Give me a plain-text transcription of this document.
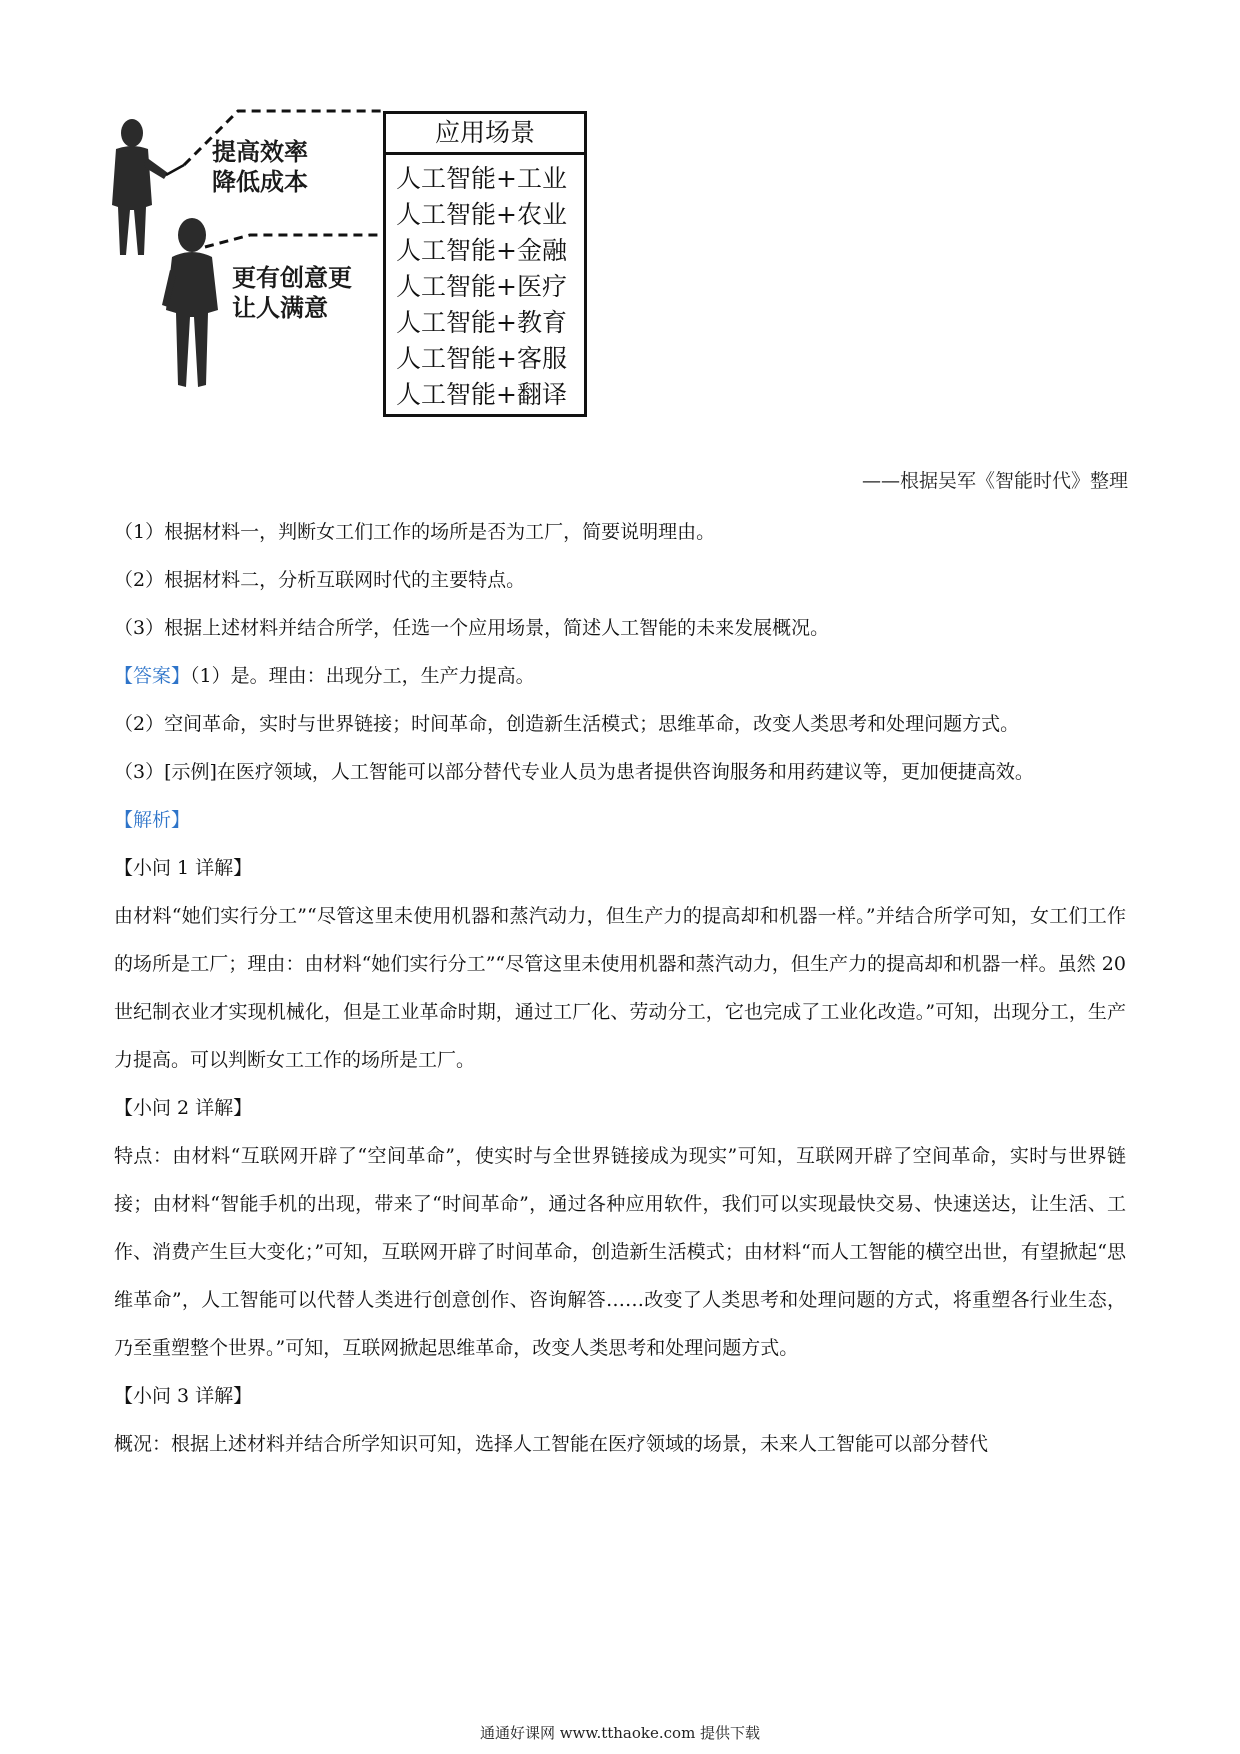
提高效率
降低成本
更有创意更
让人满意
应用场景
人工智能+工业
人工智能+农业
人工智能+金融
人工智能+医疗
人工智能+教育
人工智能+客服
人工智能+翻译
——根据吴军《智能时代》整理

（1）根据材料一，判断女工们工作的场所是否为工厂，简要说明理由。

（2）根据材料二，分析互联网时代的主要特点。

（3）根据上述材料并结合所学，任选一个应用场景，简述人工智能的未来发展概况。

【答案】（1）是。理由：出现分工，生产力提高。

（2）空间革命，实时与世界链接；时间革命，创造新生活模式；思维革命，改变人类思考和处理问题方式。

（3）[示例]在医疗领域，人工智能可以部分替代专业人员为患者提供咨询服务和用药建议等，更加便捷高效。

【解析】

【小问 1 详解】

由材料“她们实行分工”“尽管这里未使用机器和蒸汽动力，但生产力的提高却和机器一样。”并结合所学可知，女工们工作的场所是工厂；理由：由材料“她们实行分工”“尽管这里未使用机器和蒸汽动力，但生产力的提高却和机器一样。虽然 20 世纪制衣业才实现机械化，但是工业革命时期，通过工厂化、劳动分工，它也完成了工业化改造。”可知，出现分工，生产力提高。可以判断女工工作的场所是工厂。

【小问 2 详解】

特点：由材料“互联网开辟了“空间革命”，使实时与全世界链接成为现实”可知，互联网开辟了空间革命，实时与世界链接；由材料“智能手机的出现，带来了“时间革命”，通过各种应用软件，我们可以实现最快交易、快速送达，让生活、工作、消费产生巨大变化；”可知，互联网开辟了时间革命，创造新生活模式；由材料“而人工智能的横空出世，有望掀起“思维革命”，人工智能可以代替人类进行创意创作、咨询解答……改变了人类思考和处理问题的方式，将重塑各行业生态，乃至重塑整个世界。”可知，互联网掀起思维革命，改变人类思考和处理问题方式。

【小问 3 详解】

概况：根据上述材料并结合所学知识可知，选择人工智能在医疗领域的场景，未来人工智能可以部分替代

通通好课网 www.tthaoke.com 提供下载
